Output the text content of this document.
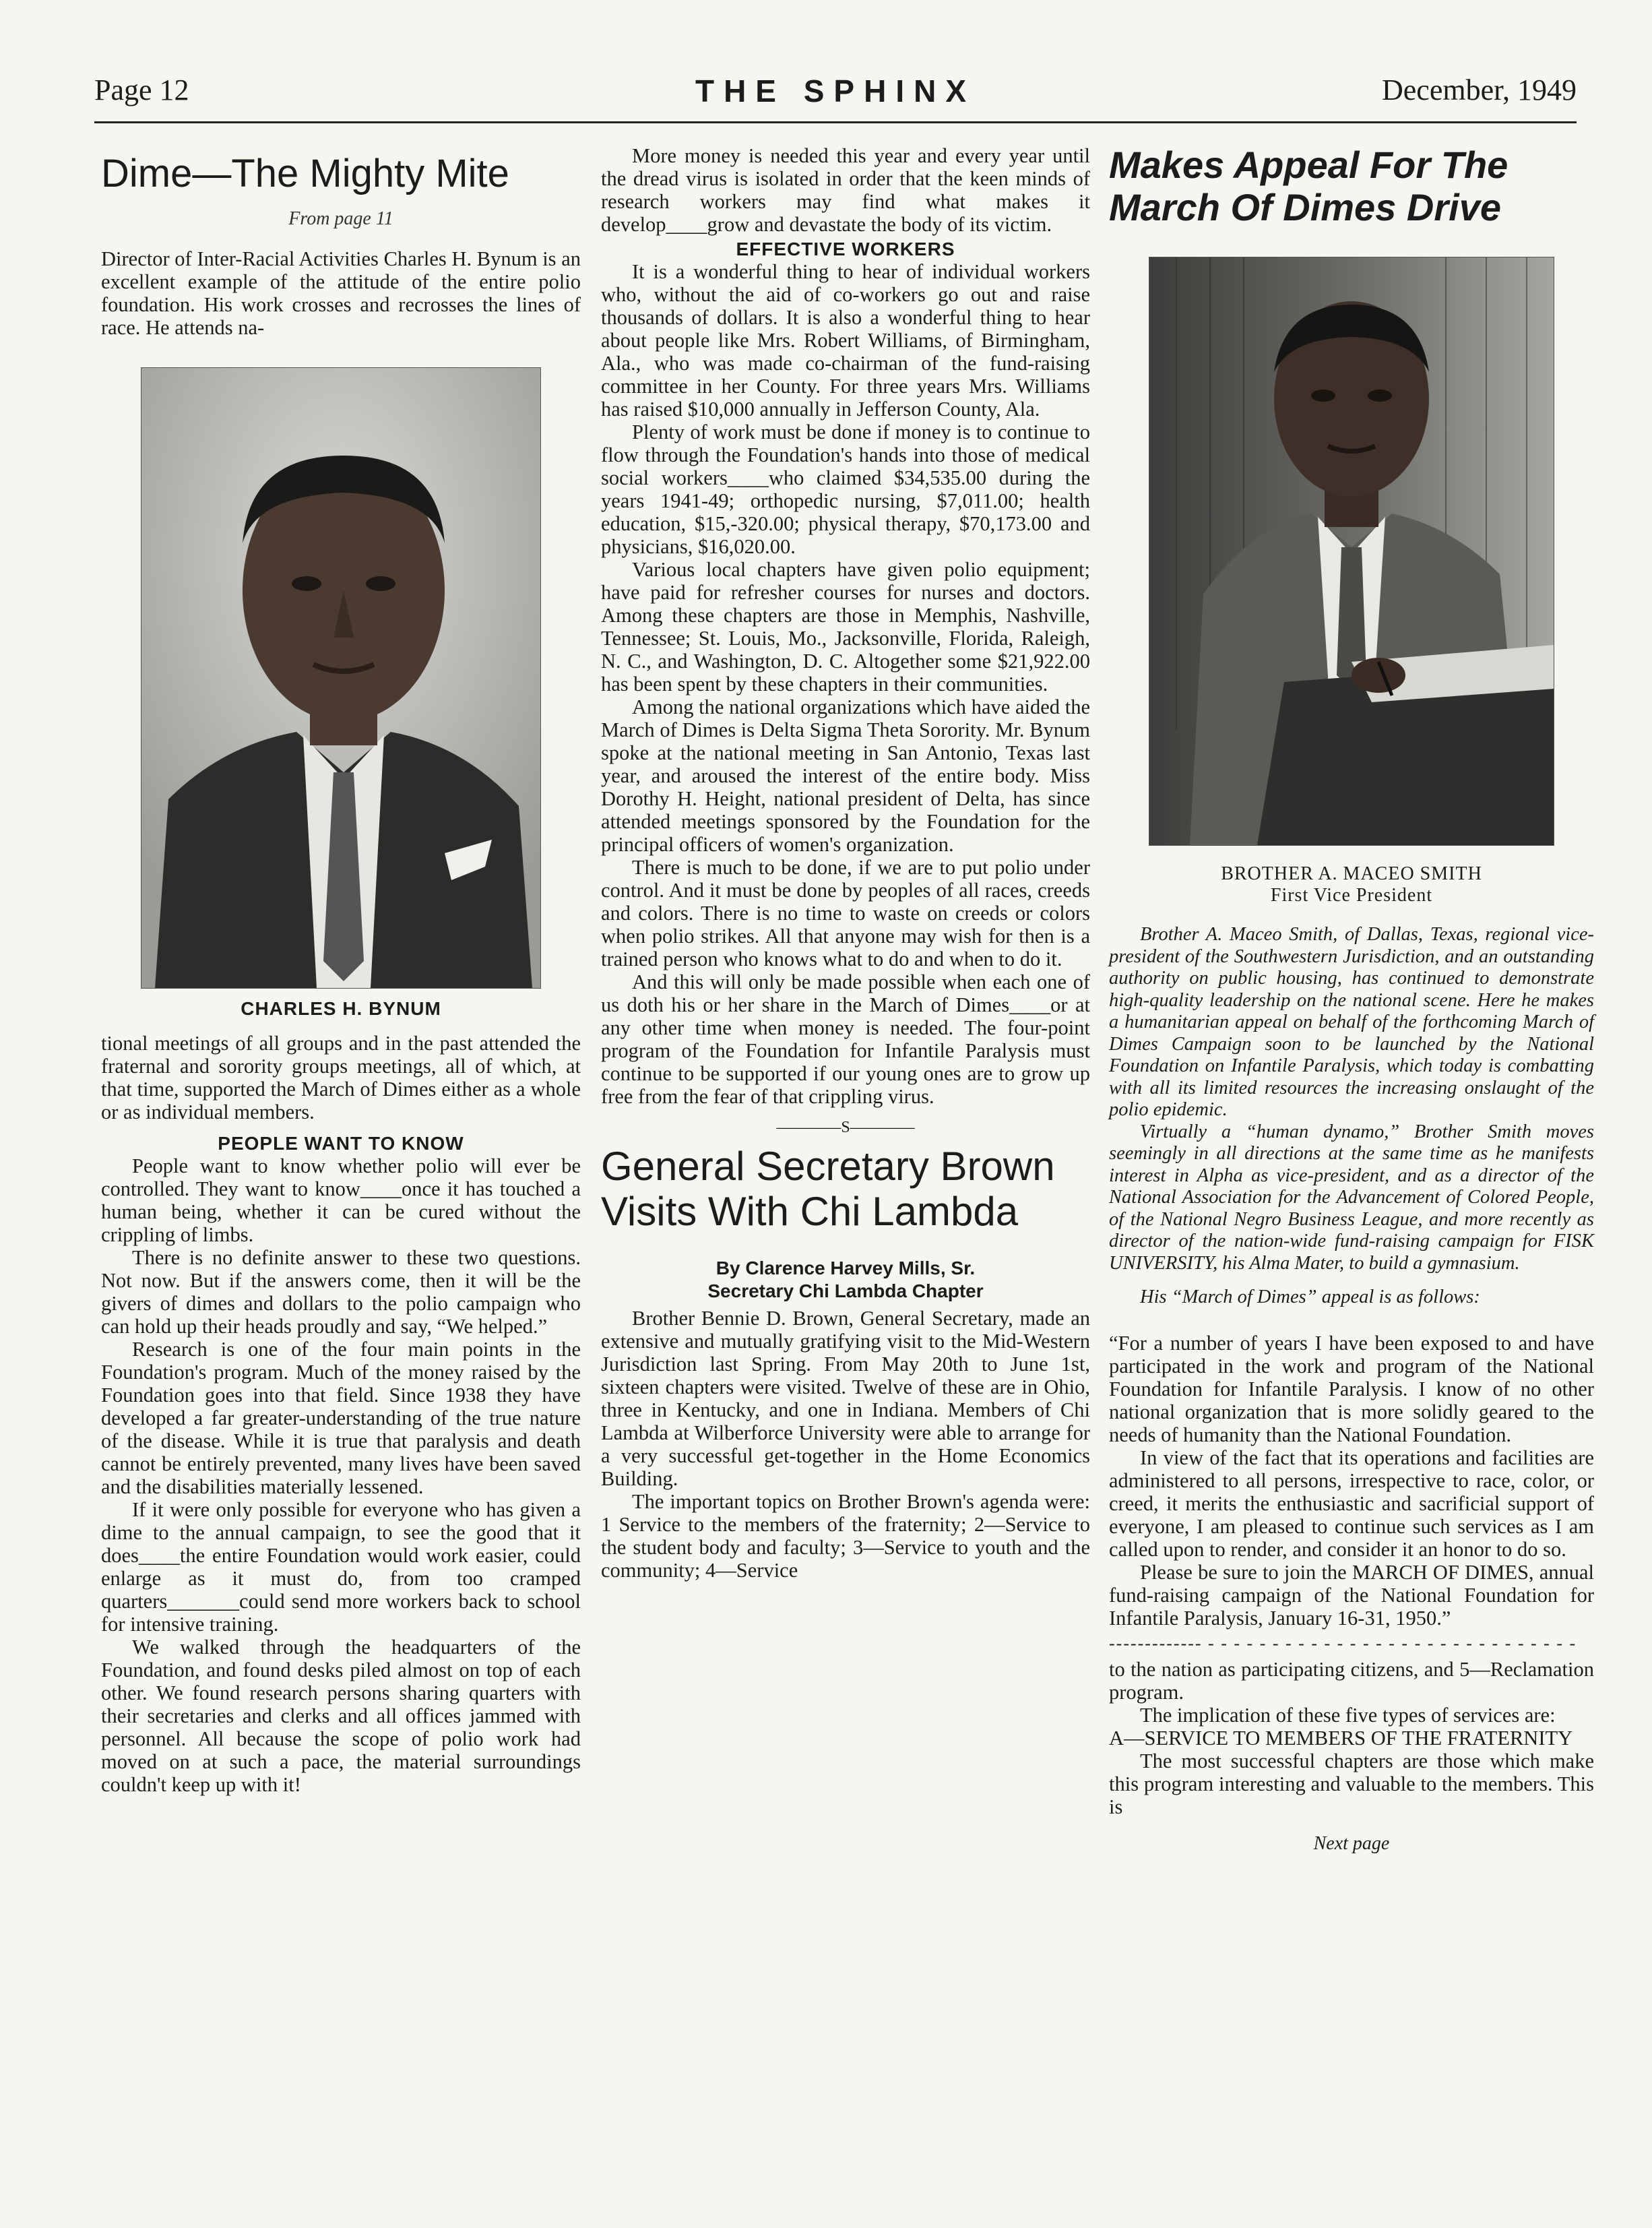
Page 12	THE SPHINX	December, 1949
Dime—The Mighty Mite
From page 11

Director of Inter-Racial Activities Charles H. Bynum is an excellent example of the attitude of the entire polio foundation. His work crosses and recrosses the lines of race. He attends na-

CHARLES H. BYNUM

tional meetings of all groups and in the past attended the fraternal and sorority groups meetings, all of which, at that time, supported the March of Dimes either as a whole or as individual members.

PEOPLE WANT TO KNOW

People want to know whether polio will ever be controlled. They want to know____once it has touched a human being, whether it can be cured without the crippling of limbs.

There is no definite answer to these two questions. Not now. But if the answers come, then it will be the givers of dimes and dollars to the polio campaign who can hold up their heads proudly and say, “We helped.”

Research is one of the four main points in the Foundation's program. Much of the money raised by the Foundation goes into that field. Since 1938 they have developed a far greater-understanding of the true nature of the disease. While it is true that paralysis and death cannot be entirely prevented, many lives have been saved and the disabilities materially lessened.

If it were only possible for everyone who has given a dime to the annual campaign, to see the good that it does____the entire Foundation would work easier, could enlarge as it must do, from too cramped quarters_______could send more workers back to school for intensive training.

We walked through the headquarters of the Foundation, and found desks piled almost on top of each other. We found research persons sharing quarters with their secretaries and clerks and all offices jammed with personnel. All because the scope of polio work had moved on at such a pace, the material surroundings couldn't keep up with it!

More money is needed this year and every year until the dread virus is isolated in order that the keen minds of research workers may find what makes it develop____grow and devastate the body of its victim.

EFFECTIVE WORKERS

It is a wonderful thing to hear of individual workers who, without the aid of co-workers go out and raise thousands of dollars. It is also a wonderful thing to hear about people like Mrs. Robert Williams, of Birmingham, Ala., who was made co-chairman of the fund-raising committee in her County. For three years Mrs. Williams has raised $10,000 annually in Jefferson County, Ala.

Plenty of work must be done if money is to continue to flow through the Foundation's hands into those of medical social workers____who claimed $34,535.00 during the years 1941-49; orthopedic nursing, $7,011.00; health education, $15,-320.00; physical therapy, $70,173.00 and physicians, $16,020.00.

Various local chapters have given polio equipment; have paid for refresher courses for nurses and doctors. Among these chapters are those in Memphis, Nashville, Tennessee; St. Louis, Mo., Jacksonville, Florida, Raleigh, N. C., and Washington, D. C. Altogether some $21,922.00 has been spent by these chapters in their communities.

Among the national organizations which have aided the March of Dimes is Delta Sigma Theta Sorority. Mr. Bynum spoke at the national meeting in San Antonio, Texas last year, and aroused the interest of the entire body. Miss Dorothy H. Height, national president of Delta, has since attended meetings sponsored by the Foundation for the principal officers of women's organization.

There is much to be done, if we are to put polio under control. And it must be done by peoples of all races, creeds and colors. There is no time to waste on creeds or colors when polio strikes. All that anyone may wish for then is a trained person who knows what to do and when to do it.

And this will only be made possible when each one of us doth his or her share in the March of Dimes____or at any other time when money is needed. The four-point program of the Foundation for Infantile Paralysis must continue to be supported if our young ones are to grow up free from the fear of that crippling virus.

————S————
General Secretary Brown Visits With Chi Lambda
By Clarence Harvey Mills, Sr.
Secretary Chi Lambda Chapter

Brother Bennie D. Brown, General Secretary, made an extensive and mutually gratifying visit to the Mid-Western Jurisdiction last Spring. From May 20th to June 1st, sixteen chapters were visited. Twelve of these are in Ohio, three in Kentucky, and one in Indiana. Members of Chi Lambda at Wilberforce University were able to arrange for a very successful get-together in the Home Economics Building.

The important topics on Brother Brown's agenda were: 1 Service to the members of the fraternity; 2—Service to the student body and faculty; 3—Service to youth and the community; 4—Service

Makes Appeal For The March Of Dimes Drive
BROTHER A. MACEO SMITH
First Vice President

Brother A. Maceo Smith, of Dallas, Texas, regional vice-president of the Southwestern Jurisdiction, and an outstanding authority on public housing, has continued to demonstrate high-quality leadership on the national scene. Here he makes a humanitarian appeal on behalf of the forthcoming March of Dimes Campaign soon to be launched by the National Foundation on Infantile Paralysis, which today is combatting with all its limited resources the increasing onslaught of the polio epidemic.

Virtually a “human dynamo,” Brother Smith moves seemingly in all directions at the same time as he manifests interest in Alpha as vice-president, and as a director of the National Association for the Advancement of Colored People, of the National Negro Business League, and more recently as director of the nation-wide fund-raising campaign for FISK UNIVERSITY, his Alma Mater, to build a gymnasium.

His “March of Dimes” appeal is as follows:

“For a number of years I have been exposed to and have participated in the work and program of the National Foundation for Infantile Paralysis. I know of no other national organization that is more solidly geared to the needs of humanity than the National Foundation.

In view of the fact that its operations and facilities are administered to all persons, irrespective to race, color, or creed, it merits the enthusiastic and sacrificial support of everyone, I am pleased to continue such services as I am called upon to render, and consider it an honor to do so.

Please be sure to join the MARCH OF DIMES, annual fund-raising campaign of the National Foundation for Infantile Paralysis, January 16-31, 1950.”

------------- - - - - - - - - - - - - - - - - - - - - - - - - - - - - -

to the nation as participating citizens, and 5—Reclamation program.

The implication of these five types of services are:

A—SERVICE TO MEMBERS OF THE FRATERNITY

The most successful chapters are those which make this program interesting and valuable to the members. This is

Next page
